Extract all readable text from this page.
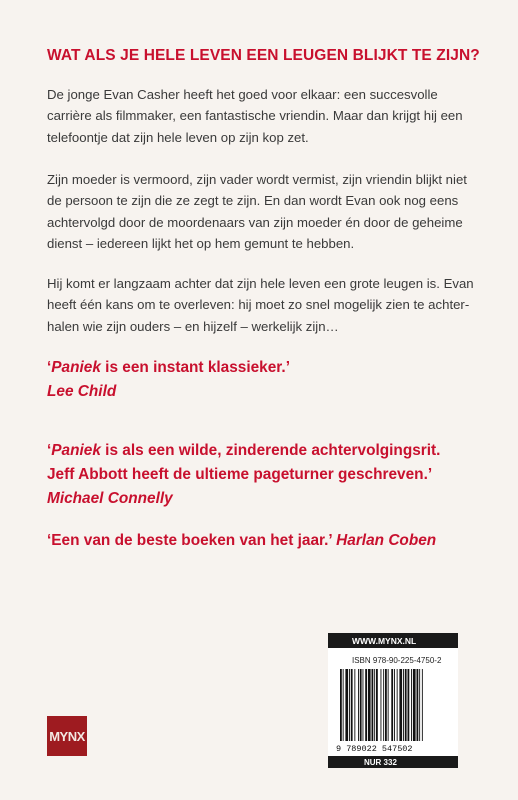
WAT ALS JE HELE LEVEN EEN LEUGEN BLIJKT TE ZIJN?
De jonge Evan Casher heeft het goed voor elkaar: een succesvolle
carrière als filmmaker, een fantastische vriendin. Maar dan krijgt hij een
telefoontje dat zijn hele leven op zijn kop zet.
Zijn moeder is vermoord, zijn vader wordt vermist, zijn vriendin blijkt niet
de persoon te zijn die ze zegt te zijn. En dan wordt Evan ook nog eens
achtervolgd door de moordenaars van zijn moeder én door de geheime
dienst – iedereen lijkt het op hem gemunt te hebben.
Hij komt er langzaam achter dat zijn hele leven een grote leugen is. Evan
heeft één kans om te overleven: hij moet zo snel mogelijk zien te achter-
halen wie zijn ouders – en hijzelf – werkelijk zijn…
‘Paniek is een instant klassieker.’
Lee Child
‘Paniek is als een wilde, zinderende achtervolgingsrit.
Jeff Abbott heeft de ultieme pageturner geschreven.’
Michael Connelly
‘Een van de beste boeken van het jaar.’ Harlan Coben
MYNX
WWW.MYNX.NL
ISBN 978-90-225-4750-2
9 789022 547502
NUR 332
